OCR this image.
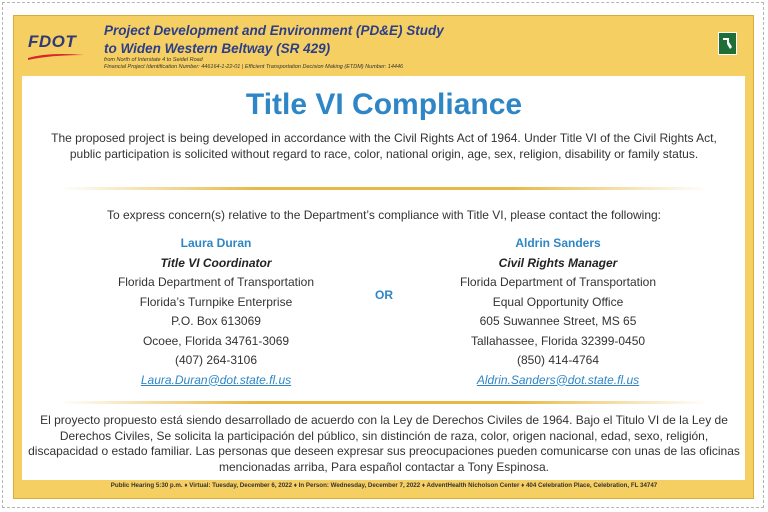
FDOT
Project Development and Environment (PD&E) Study
to Widen Western Beltway (SR 429)
from North of Interstate 4 to Seidel Road
Financial Project Identification Number: 446164-1-22-01 | Efficient Transportation Decision Making (ETDM) Number: 14446
Title VI Compliance
The proposed project is being developed in accordance with the Civil Rights Act of 1964. Under Title VI of the Civil Rights Act, public participation is solicited without regard to race, color, national origin, age, sex, religion, disability or family status.
To express concern(s) relative to the Department’s compliance with Title VI, please contact the following:
Laura Duran
Title VI Coordinator
Florida Department of Transportation
Florida’s Turnpike Enterprise
P.O. Box 613069
Ocoee, Florida 34761-3069
(407) 264-3106
Laura.Duran@dot.state.fl.us
OR
Aldrin Sanders
Civil Rights Manager
Florida Department of Transportation
Equal Opportunity Office
605 Suwannee Street, MS 65
Tallahassee, Florida 32399-0450
(850) 414-4764
Aldrin.Sanders@dot.state.fl.us
El proyecto propuesto está siendo desarrollado de acuerdo con la Ley de Derechos Civiles de 1964. Bajo el Titulo VI de la Ley de Derechos Civiles, Se solicita la participación del público, sin distinción de raza, color, origen nacional, edad, sexo, religión, discapacidad o estado familiar. Las personas que deseen expresar sus preocupaciones pueden comunicarse con unas de las oficinas mencionadas arriba, Para español contactar a Tony Espinosa.
Public Hearing 5:30 p.m. ♦ Virtual: Tuesday, December 6, 2022 ♦ In Person: Wednesday, December 7, 2022 ♦ AdventHealth Nicholson Center ♦ 404 Celebration Place, Celebration, FL 34747
